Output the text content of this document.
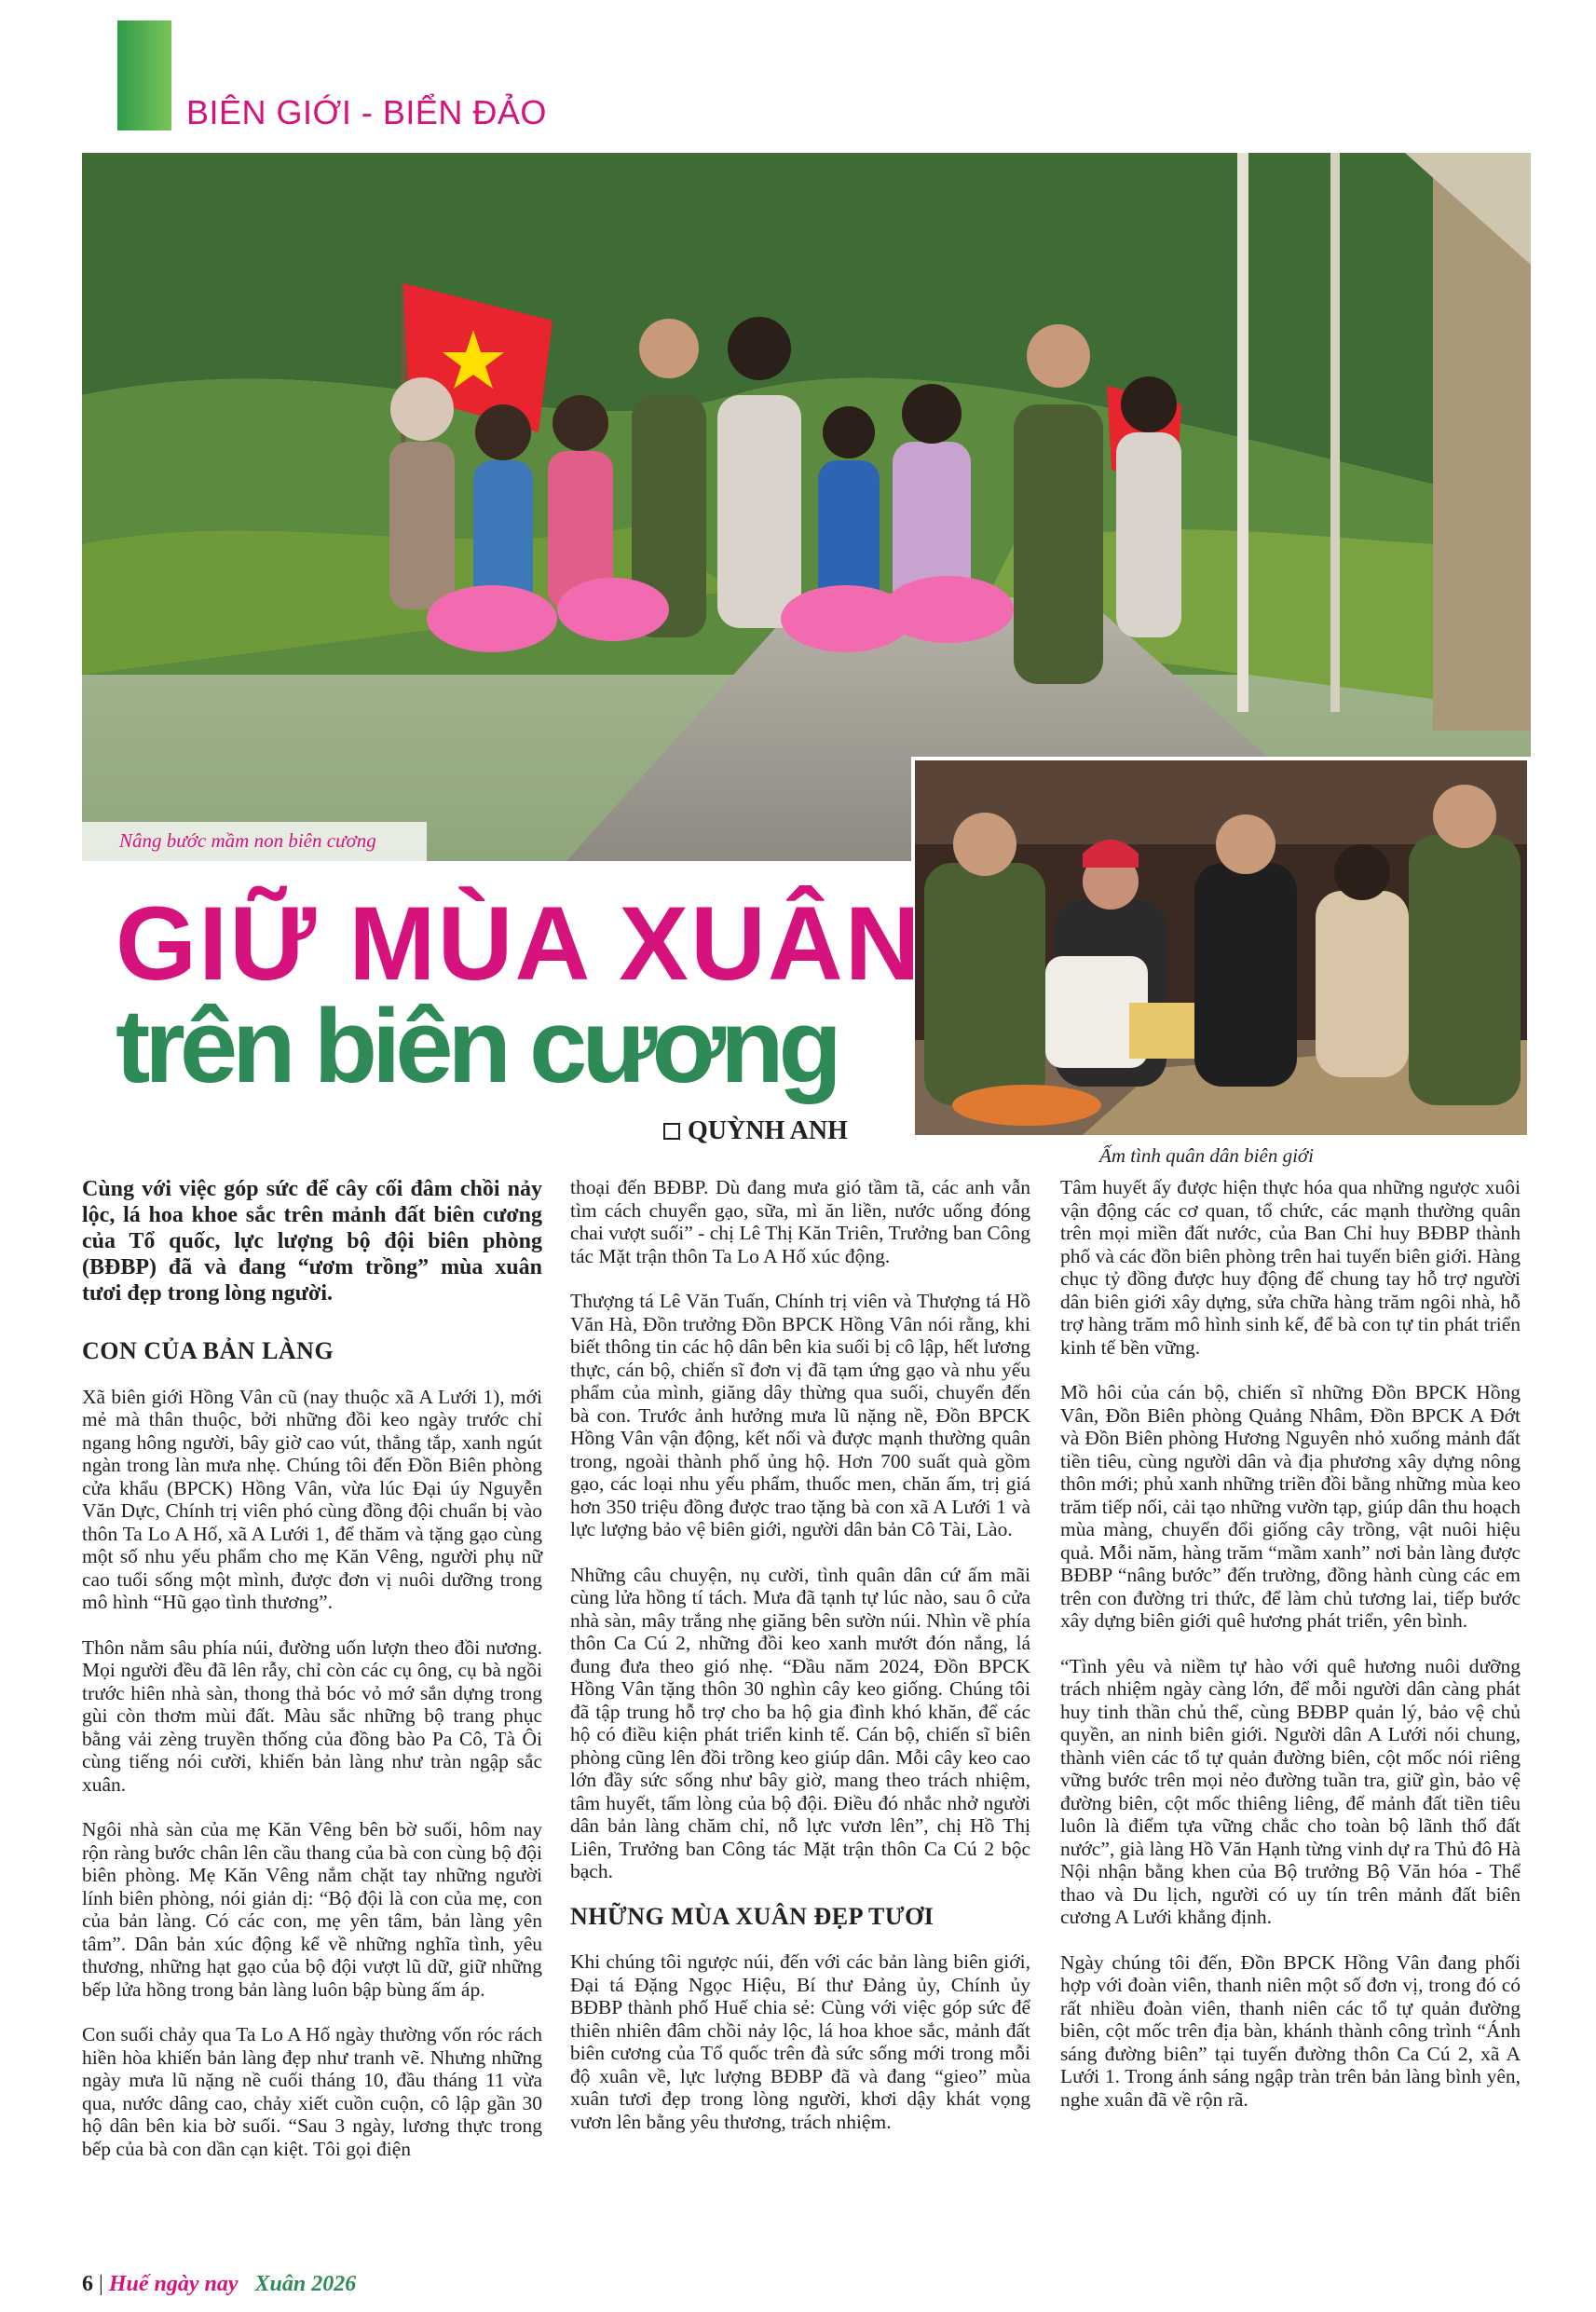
BIÊN GIỚI - BIỂN ĐẢO
Nâng bước mầm non biên cương
Ấm tình quân dân biên giới
GIỮ MÙA XUÂN
trên biên cương
QUỲNH ANH

Cùng với việc góp sức để cây cối đâm chồi nảy lộc, lá hoa khoe sắc trên mảnh đất biên cương của Tổ quốc, lực lượng bộ đội biên phòng (BĐBP) đã và đang “ươm trồng” mùa xuân tươi đẹp trong lòng người.

CON CỦA BẢN LÀNG

Xã biên giới Hồng Vân cũ (nay thuộc xã A Lưới 1), mới mẻ mà thân thuộc, bởi những đồi keo ngày trước chỉ ngang hông người, bây giờ cao vút, thẳng tắp, xanh ngút ngàn trong làn mưa nhẹ. Chúng tôi đến Đồn Biên phòng cửa khẩu (BPCK) Hồng Vân, vừa lúc Đại úy Nguyễn Văn Dực, Chính trị viên phó cùng đồng đội chuẩn bị vào thôn Ta Lo A Hố, xã A Lưới 1, để thăm và tặng gạo cùng một số nhu yếu phẩm cho mẹ Kăn Vêng, người phụ nữ cao tuổi sống một mình, được đơn vị nuôi dưỡng trong mô hình “Hũ gạo tình thương”.

Thôn nằm sâu phía núi, đường uốn lượn theo đồi nương. Mọi người đều đã lên rẫy, chỉ còn các cụ ông, cụ bà ngồi trước hiên nhà sàn, thong thả bóc vỏ mớ sắn dựng trong gùi còn thơm mùi đất. Màu sắc những bộ trang phục bằng vải zèng truyền thống của đồng bào Pa Cô, Tà Ôi cùng tiếng nói cười, khiến bản làng như tràn ngập sắc xuân.

Ngôi nhà sàn của mẹ Kăn Vêng bên bờ suối, hôm nay rộn ràng bước chân lên cầu thang của bà con cùng bộ đội biên phòng. Mẹ Kăn Vêng nắm chặt tay những người lính biên phòng, nói giản dị: “Bộ đội là con của mẹ, con của bản làng. Có các con, mẹ yên tâm, bản làng yên tâm”. Dân bản xúc động kể về những nghĩa tình, yêu thương, những hạt gạo của bộ đội vượt lũ dữ, giữ những bếp lửa hồng trong bản làng luôn bập bùng ấm áp.

Con suối chảy qua Ta Lo A Hố ngày thường vốn róc rách hiền hòa khiến bản làng đẹp như tranh vẽ. Nhưng những ngày mưa lũ nặng nề cuối tháng 10, đầu tháng 11 vừa qua, nước dâng cao, chảy xiết cuồn cuộn, cô lập gần 30 hộ dân bên kia bờ suối. “Sau 3 ngày, lương thực trong bếp của bà con dần cạn kiệt. Tôi gọi điện

thoại đến BĐBP. Dù đang mưa gió tầm tã, các anh vẫn tìm cách chuyển gạo, sữa, mì ăn liền, nước uống đóng chai vượt suối” - chị Lê Thị Kăn Triên, Trưởng ban Công tác Mặt trận thôn Ta Lo A Hố xúc động.

Thượng tá Lê Văn Tuấn, Chính trị viên và Thượng tá Hồ Văn Hà, Đồn trưởng Đồn BPCK Hồng Vân nói rằng, khi biết thông tin các hộ dân bên kia suối bị cô lập, hết lương thực, cán bộ, chiến sĩ đơn vị đã tạm ứng gạo và nhu yếu phẩm của mình, giăng dây thừng qua suối, chuyển đến bà con. Trước ảnh hưởng mưa lũ nặng nề, Đồn BPCK Hồng Vân vận động, kết nối và được mạnh thường quân trong, ngoài thành phố ủng hộ. Hơn 700 suất quà gồm gạo, các loại nhu yếu phẩm, thuốc men, chăn ấm, trị giá hơn 350 triệu đồng được trao tặng bà con xã A Lưới 1 và lực lượng bảo vệ biên giới, người dân bản Cô Tài, Lào.

Những câu chuyện, nụ cười, tình quân dân cứ ấm mãi cùng lửa hồng tí tách. Mưa đã tạnh tự lúc nào, sau ô cửa nhà sàn, mây trắng nhẹ giăng bên sườn núi. Nhìn về phía thôn Ca Cú 2, những đồi keo xanh mướt đón nắng, lá đung đưa theo gió nhẹ. “Đầu năm 2024, Đồn BPCK Hồng Vân tặng thôn 30 nghìn cây keo giống. Chúng tôi đã tập trung hỗ trợ cho ba hộ gia đình khó khăn, để các hộ có điều kiện phát triển kinh tế. Cán bộ, chiến sĩ biên phòng cũng lên đồi trồng keo giúp dân. Mỗi cây keo cao lớn đầy sức sống như bây giờ, mang theo trách nhiệm, tâm huyết, tấm lòng của bộ đội. Điều đó nhắc nhở người dân bản làng chăm chỉ, nỗ lực vươn lên”, chị Hồ Thị Liên, Trưởng ban Công tác Mặt trận thôn Ca Cú 2 bộc bạch.

NHỮNG MÙA XUÂN ĐẸP TƯƠI

Khi chúng tôi ngược núi, đến với các bản làng biên giới, Đại tá Đặng Ngọc Hiệu, Bí thư Đảng ủy, Chính ủy BĐBP thành phố Huế chia sẻ: Cùng với việc góp sức để thiên nhiên đâm chồi nảy lộc, lá hoa khoe sắc, mảnh đất biên cương của Tổ quốc trên đà sức sống mới trong mỗi độ xuân về, lực lượng BĐBP đã và đang “gieo” mùa xuân tươi đẹp trong lòng người, khơi dậy khát vọng vươn lên bằng yêu thương, trách nhiệm.

Tâm huyết ấy được hiện thực hóa qua những ngược xuôi vận động các cơ quan, tổ chức, các mạnh thường quân trên mọi miền đất nước, của Ban Chỉ huy BĐBP thành phố và các đồn biên phòng trên hai tuyến biên giới. Hàng chục tỷ đồng được huy động để chung tay hỗ trợ người dân biên giới xây dựng, sửa chữa hàng trăm ngôi nhà, hỗ trợ hàng trăm mô hình sinh kế, để bà con tự tin phát triển kinh tế bền vững.

Mồ hôi của cán bộ, chiến sĩ những Đồn BPCK Hồng Vân, Đồn Biên phòng Quảng Nhâm, Đồn BPCK A Đớt và Đồn Biên phòng Hương Nguyên nhỏ xuống mảnh đất tiền tiêu, cùng người dân và địa phương xây dựng nông thôn mới; phủ xanh những triền đồi bằng những mùa keo trăm tiếp nối, cải tạo những vườn tạp, giúp dân thu hoạch mùa màng, chuyển đổi giống cây trồng, vật nuôi hiệu quả. Mỗi năm, hàng trăm “mầm xanh” nơi bản làng được BĐBP “nâng bước” đến trường, đồng hành cùng các em trên con đường tri thức, để làm chủ tương lai, tiếp bước xây dựng biên giới quê hương phát triển, yên bình.

“Tình yêu và niềm tự hào với quê hương nuôi dưỡng trách nhiệm ngày càng lớn, để mỗi người dân càng phát huy tinh thần chủ thể, cùng BĐBP quản lý, bảo vệ chủ quyền, an ninh biên giới. Người dân A Lưới nói chung, thành viên các tổ tự quản đường biên, cột mốc nói riêng vững bước trên mọi nẻo đường tuần tra, giữ gìn, bảo vệ đường biên, cột mốc thiêng liêng, để mảnh đất tiền tiêu luôn là điểm tựa vững chắc cho toàn bộ lãnh thổ đất nước”, già làng Hồ Văn Hạnh từng vinh dự ra Thủ đô Hà Nội nhận bằng khen của Bộ trưởng Bộ Văn hóa - Thể thao và Du lịch, người có uy tín trên mảnh đất biên cương A Lưới khẳng định.

Ngày chúng tôi đến, Đồn BPCK Hồng Vân đang phối hợp với đoàn viên, thanh niên một số đơn vị, trong đó có rất nhiều đoàn viên, thanh niên các tổ tự quản đường biên, cột mốc trên địa bàn, khánh thành công trình “Ánh sáng đường biên” tại tuyến đường thôn Ca Cú 2, xã A Lưới 1. Trong ánh sáng ngập tràn trên bản làng bình yên, nghe xuân đã về rộn rã.

6 | Huế ngày nay Xuân 2026
